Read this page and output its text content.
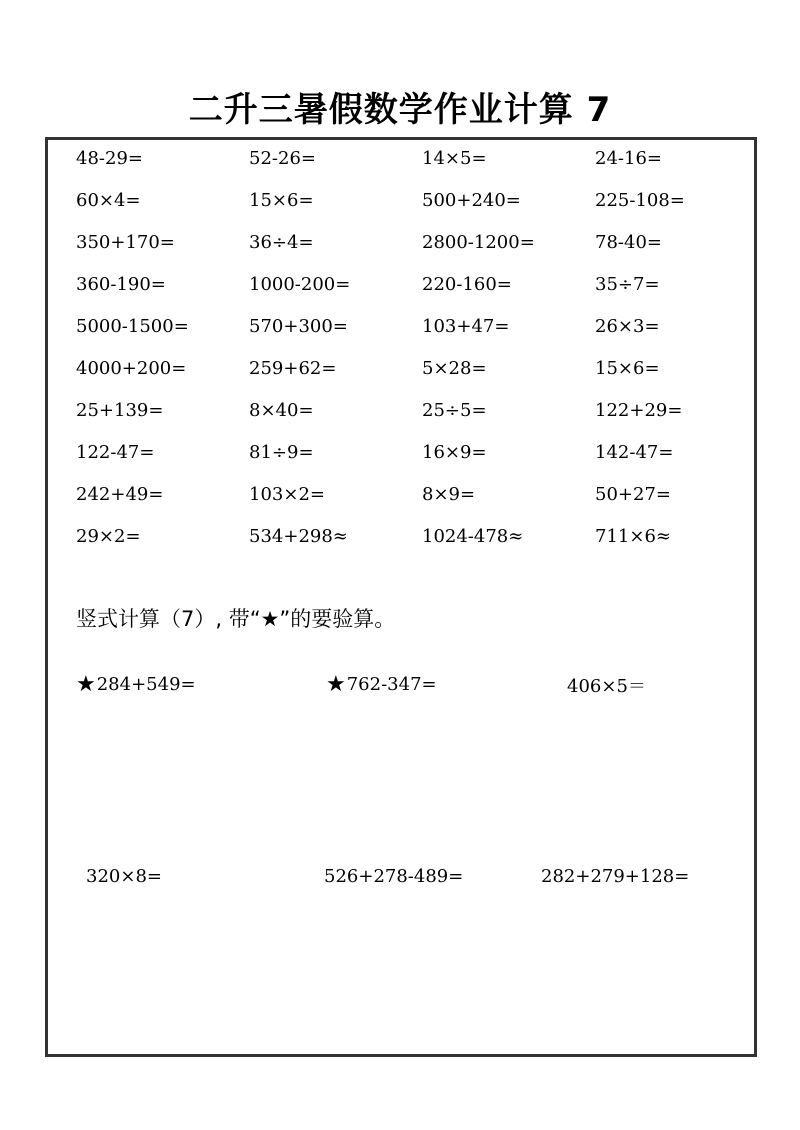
二升三暑假数学作业计算 7
48-29=	52-26=	14×5=	24-16=
60×4=	15×6=	500+240=	225-108=
350+170=	36÷4=	2800-1200=	78-40=
360-190=	1000-200=	220-160=	35÷7=
5000-1500=	570+300=	103+47=	26×3=
4000+200=	259+62=	5×28=	15×6=
25+139=	8×40=	25÷5=	122+29=
122-47=	81÷9=	16×9=	142-47=
242+49=	103×2=	8×9=	50+27=
29×2=	534+298≈	1024-478≈	711×6≈
竖式计算（7）, 带“★”的要验算。
★284+549=	★762-347=	406×5＝
320×8=	526+278-489=	282+279+128=
